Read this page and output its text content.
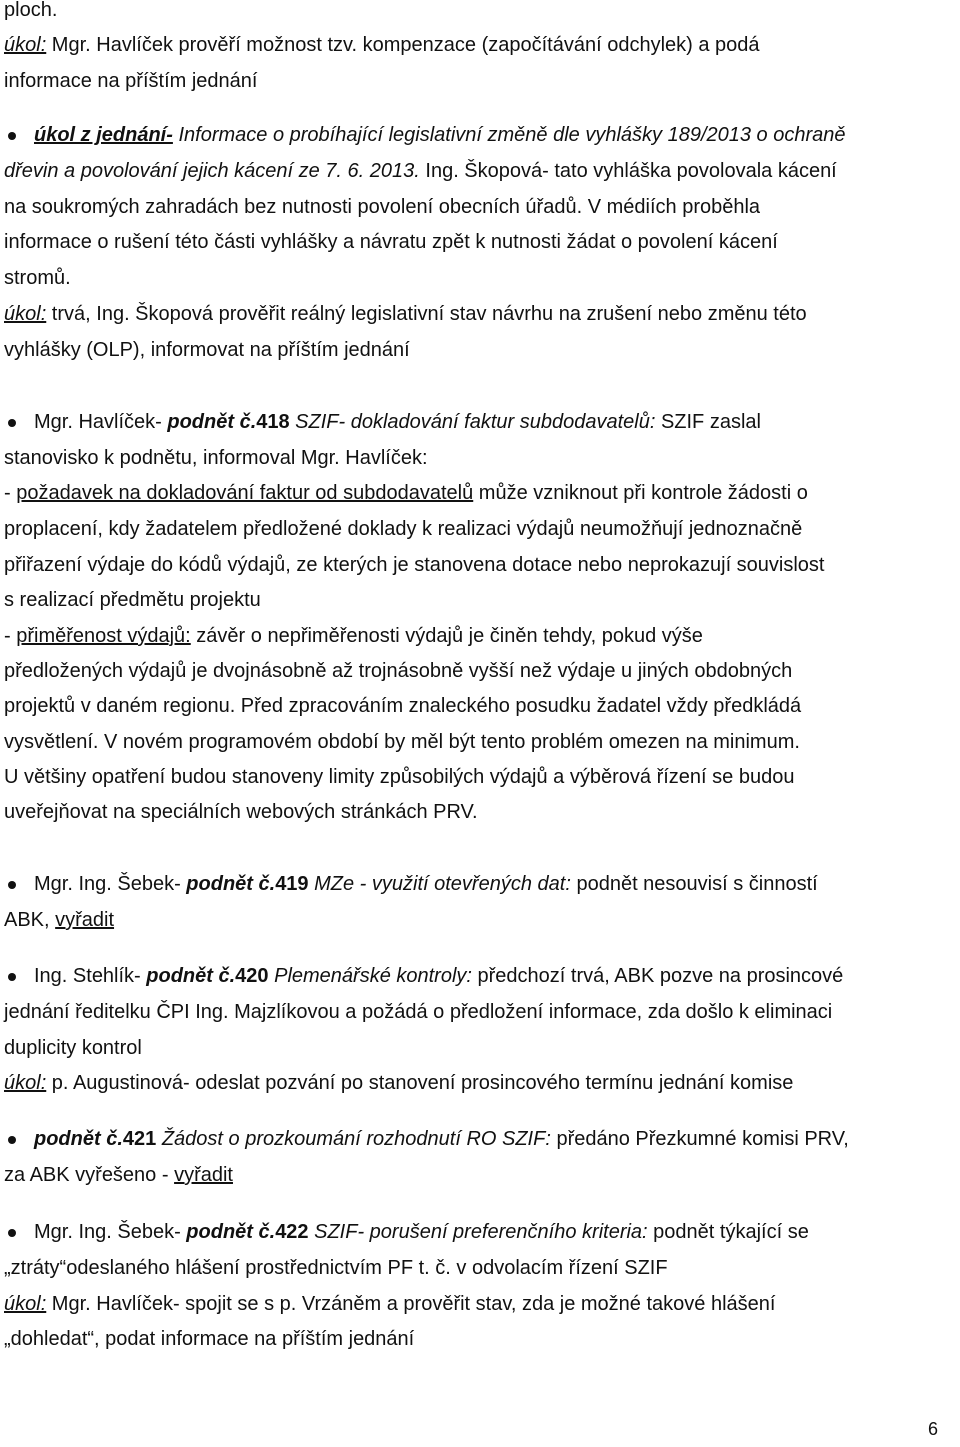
ploch.
úkol: Mgr. Havlíček prověří možnost tzv. kompenzace (započítávání odchylek) a podá
informace na příštím jednání
úkol z jednání- Informace o probíhající legislativní změně dle vyhlášky 189/2013 o ochraně
dřevin a povolování jejich kácení ze 7. 6. 2013. Ing. Škopová- tato vyhláška povolovala kácení
na soukromých zahradách bez nutnosti povolení obecních úřadů. V médiích proběhla
informace o rušení této části vyhlášky a návratu zpět k nutnosti žádat o povolení kácení
stromů.
úkol: trvá, Ing. Škopová prověřit reálný legislativní stav návrhu na zrušení nebo změnu této
vyhlášky (OLP), informovat na příštím jednání
Mgr. Havlíček- podnět č.418 SZIF- dokladování faktur subdodavatelů: SZIF zaslal
stanovisko k podnětu, informoval Mgr. Havlíček:
- požadavek na dokladování faktur od subdodavatelů může vzniknout při kontrole žádosti o
proplacení, kdy žadatelem předložené doklady k realizaci výdajů neumožňují jednoznačně
přiřazení výdaje do kódů výdajů, ze kterých je stanovena dotace nebo neprokazují souvislost
s realizací předmětu projektu
- přiměřenost výdajů: závěr o nepřiměřenosti výdajů je činěn tehdy, pokud výše
předložených výdajů je dvojnásobně až trojnásobně vyšší než výdaje u jiných obdobných
projektů v daném regionu. Před zpracováním znaleckého posudku žadatel vždy předkládá
vysvětlení. V novém programovém období by měl být tento problém omezen na minimum.
U většiny opatření budou stanoveny limity způsobilých výdajů a výběrová řízení se budou
uveřejňovat na speciálních webových stránkách PRV.
Mgr. Ing. Šebek- podnět č.419 MZe - využití otevřených dat: podnět nesouvisí s činností
ABK, vyřadit
Ing. Stehlík- podnět č.420 Plemenářské kontroly: předchozí trvá, ABK pozve na prosincové
jednání ředitelku ČPI Ing. Majzlíkovou a požádá o předložení informace, zda došlo k eliminaci
duplicity kontrol
úkol: p. Augustinová- odeslat pozvání po stanovení prosincového termínu jednání komise
podnět č.421 Žádost o prozkoumání rozhodnutí RO SZIF: předáno Přezkumné komisi PRV,
za ABK vyřešeno - vyřadit
Mgr. Ing. Šebek- podnět č.422 SZIF- porušení preferenčního kriteria: podnět týkající se
„ztráty“odeslaného hlášení prostřednictvím PF t. č. v odvolacím řízení SZIF
úkol: Mgr. Havlíček- spojit se s p. Vrzáněm a prověřit stav, zda je možné takové hlášení
„dohledat“, podat informace na příštím jednání
6
